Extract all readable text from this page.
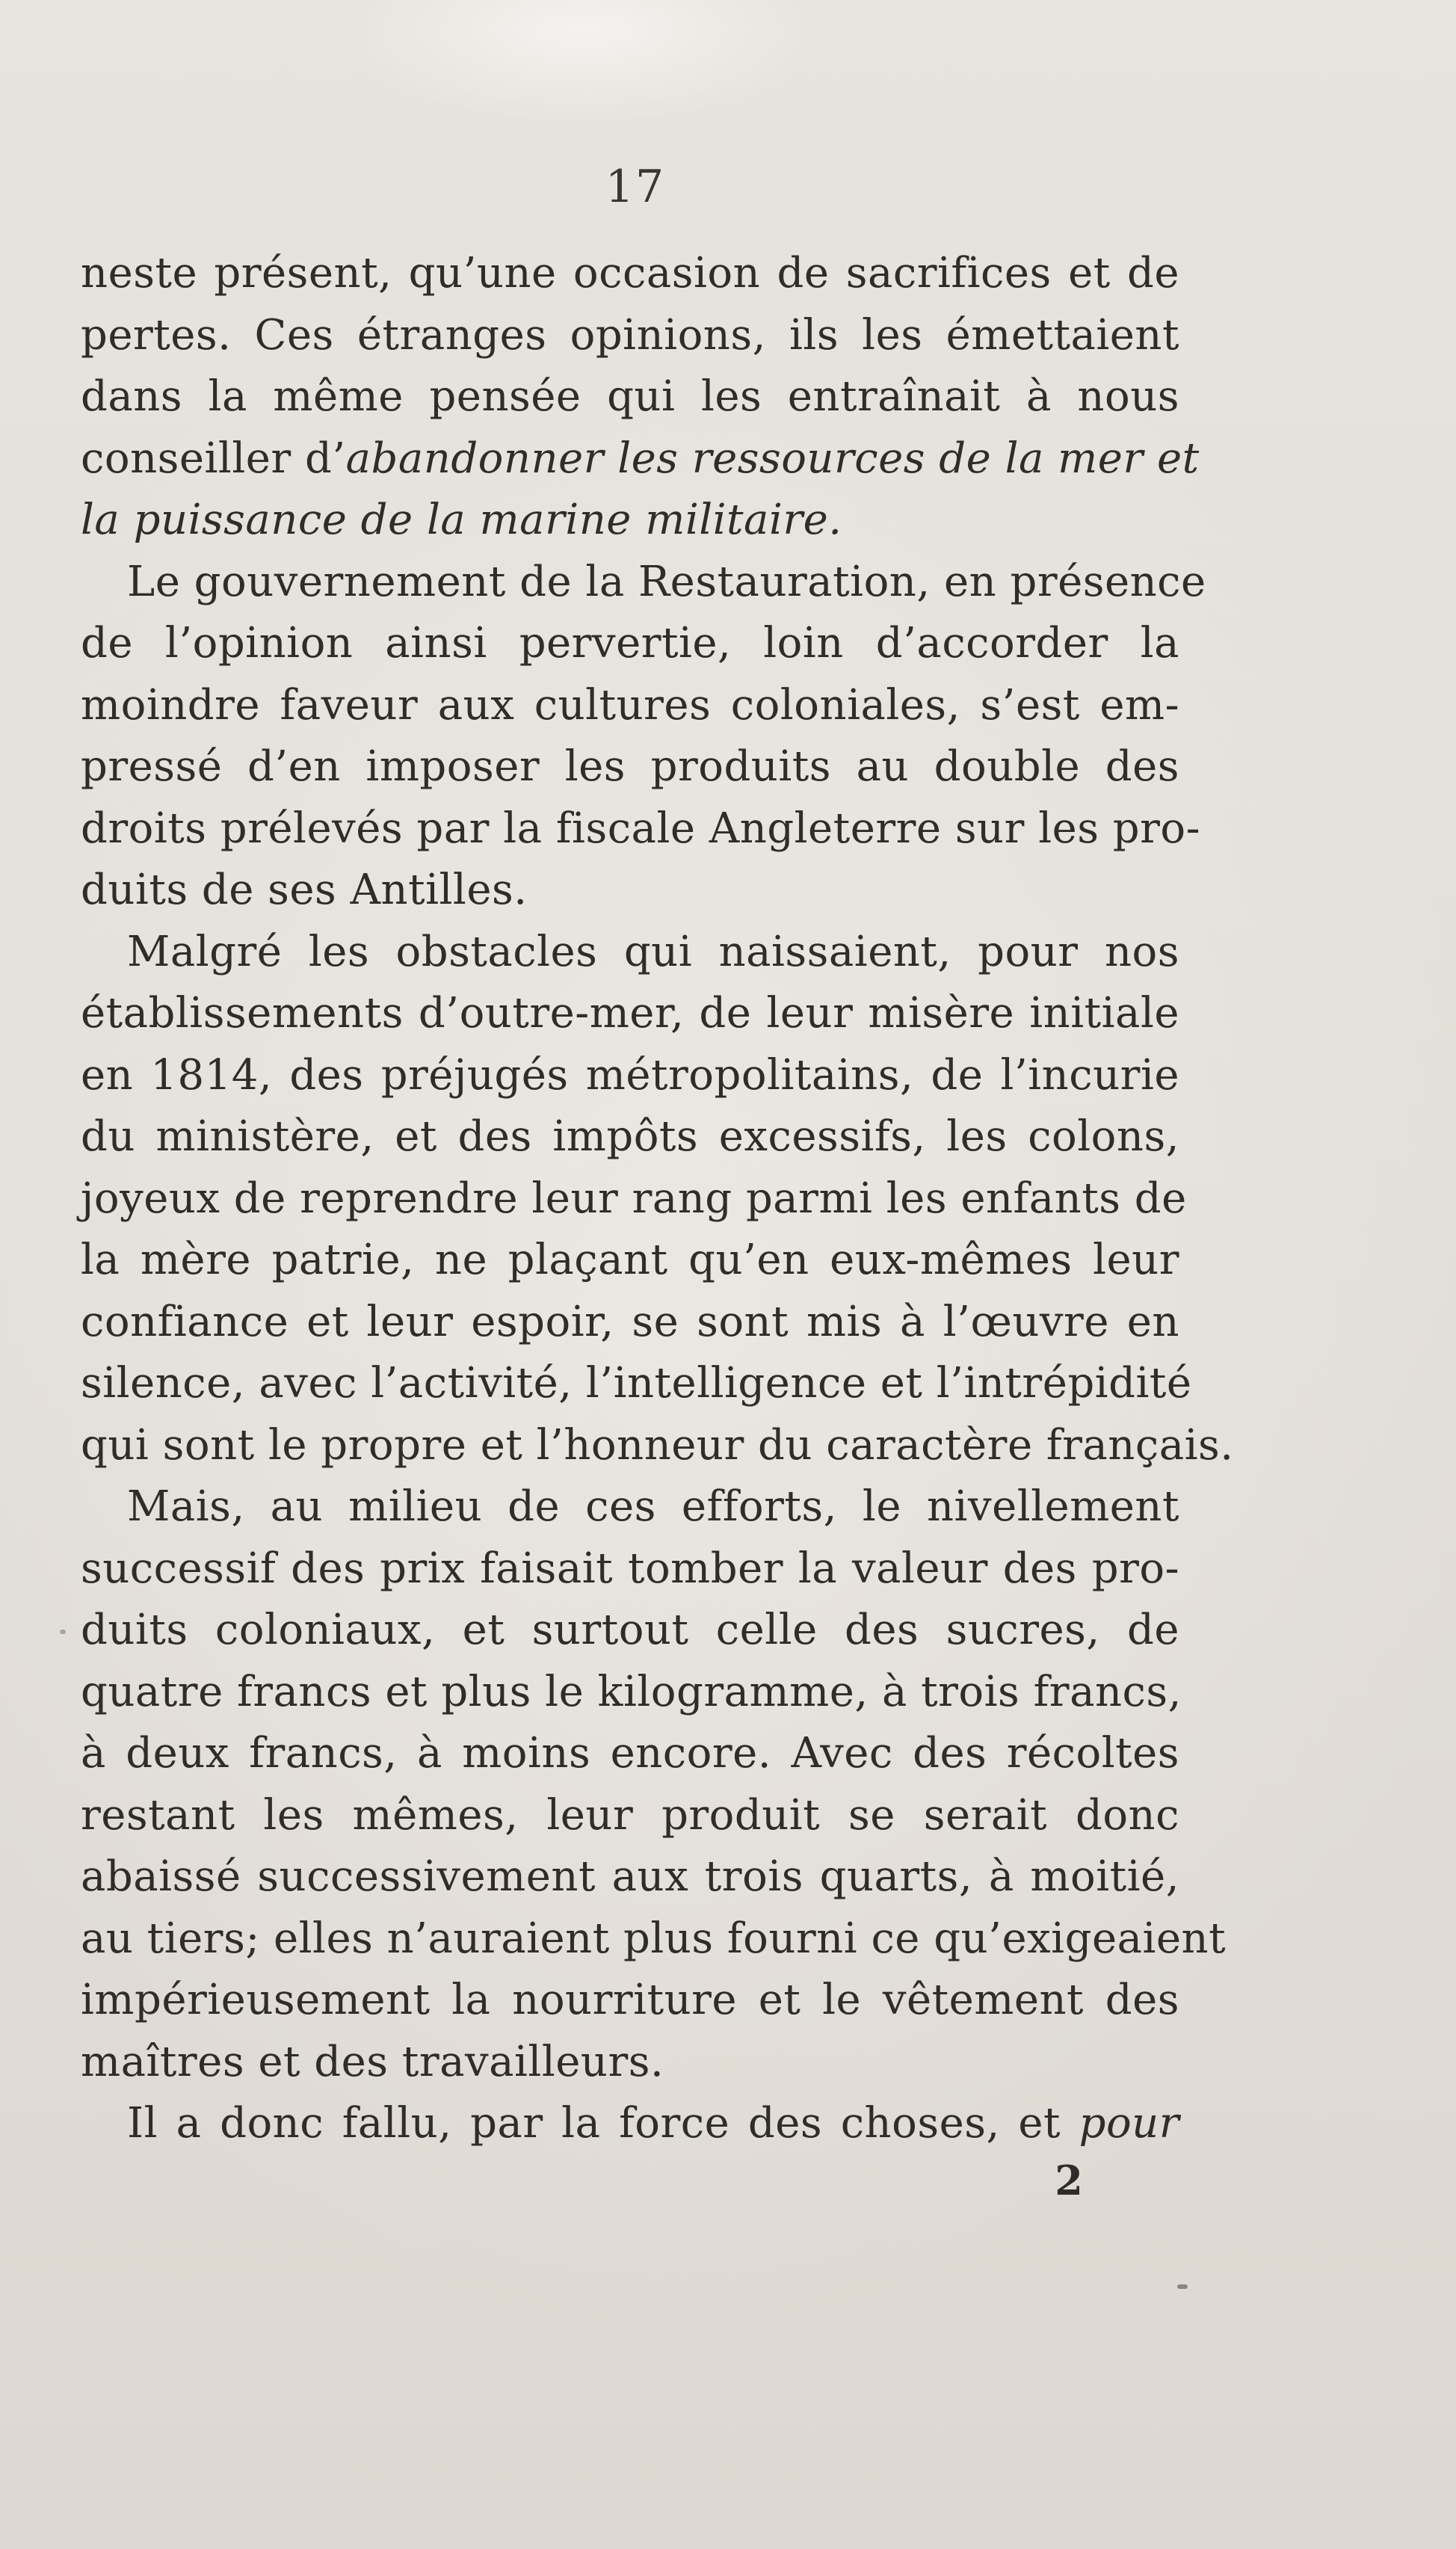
17
neste présent, qu’une occasion de sacrifices et de
pertes. Ces étranges opinions, ils les émettaient
dans la même pensée qui les entraînait à nous
conseiller d’abandonner les ressources de la mer et
la puissance de la marine militaire.
Le gouvernement de la Restauration, en présence
de l’opinion ainsi pervertie, loin d’accorder la
moindre faveur aux cultures coloniales, s’est em-
pressé d’en imposer les produits au double des
droits prélevés par la fiscale Angleterre sur les pro-
duits de ses Antilles.
Malgré les obstacles qui naissaient, pour nos
établissements d’outre-mer, de leur misère initiale
en 1814, des préjugés métropolitains, de l’incurie
du ministère, et des impôts excessifs, les colons,
joyeux de reprendre leur rang parmi les enfants de
la mère patrie, ne plaçant qu’en eux-mêmes leur
confiance et leur espoir, se sont mis à l’œuvre en
silence, avec l’activité, l’intelligence et l’intrépidité
qui sont le propre et l’honneur du caractère français.
Mais, au milieu de ces efforts, le nivellement
successif des prix faisait tomber la valeur des pro-
duits coloniaux, et surtout celle des sucres, de
quatre francs et plus le kilogramme, à trois francs,
à deux francs, à moins encore. Avec des récoltes
restant les mêmes, leur produit se serait donc
abaissé successivement aux trois quarts, à moitié,
au tiers; elles n’auraient plus fourni ce qu’exigeaient
impérieusement la nourriture et le vêtement des
maîtres et des travailleurs.
Il a donc fallu, par la force des choses, et pour
2
